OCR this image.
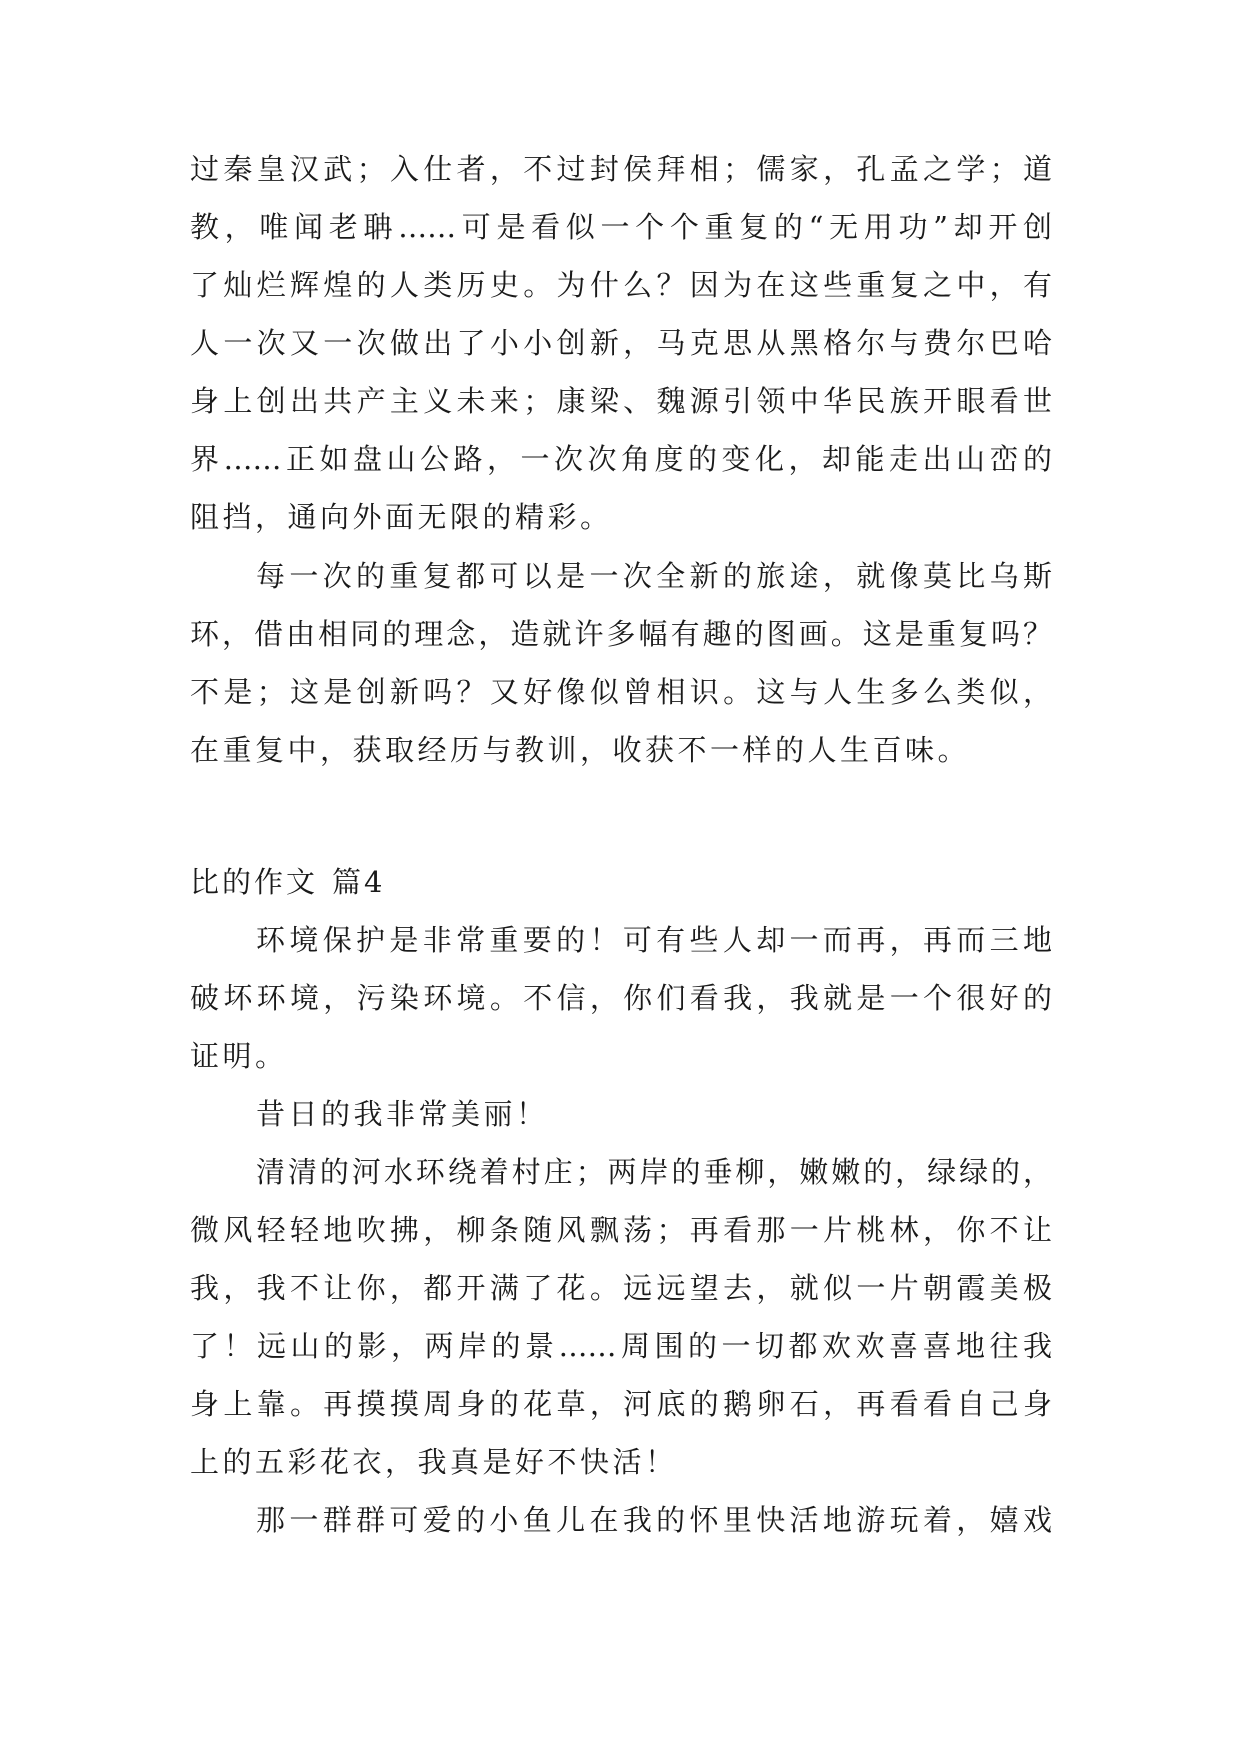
过秦皇汉武；入仕者，不过封侯拜相；儒家，孔孟之学；道
教，唯闻老聃……可是看似一个个重复的“无用功”却开创
了灿烂辉煌的人类历史。为什么？因为在这些重复之中，有
人一次又一次做出了小小创新，马克思从黑格尔与费尔巴哈
身上创出共产主义未来；康梁、魏源引领中华民族开眼看世
界……正如盘山公路，一次次角度的变化，却能走出山峦的
阻挡，通向外面无限的精彩。
每一次的重复都可以是一次全新的旅途，就像莫比乌斯
环，借由相同的理念，造就许多幅有趣的图画。这是重复吗？
不是；这是创新吗？又好像似曾相识。这与人生多么类似，
在重复中，获取经历与教训，收获不一样的人生百味。
比的作文 篇4
环境保护是非常重要的！可有些人却一而再，再而三地
破坏环境，污染环境。不信，你们看我，我就是一个很好的
证明。
昔日的我非常美丽！
清清的河水环绕着村庄；两岸的垂柳，嫩嫩的，绿绿的，
微风轻轻地吹拂，柳条随风飘荡；再看那一片桃林，你不让
我，我不让你，都开满了花。远远望去，就似一片朝霞美极
了！远山的影，两岸的景……周围的一切都欢欢喜喜地往我
身上靠。再摸摸周身的花草，河底的鹅卵石，再看看自己身
上的五彩花衣，我真是好不快活！
那一群群可爱的小鱼儿在我的怀里快活地游玩着，嬉戏
